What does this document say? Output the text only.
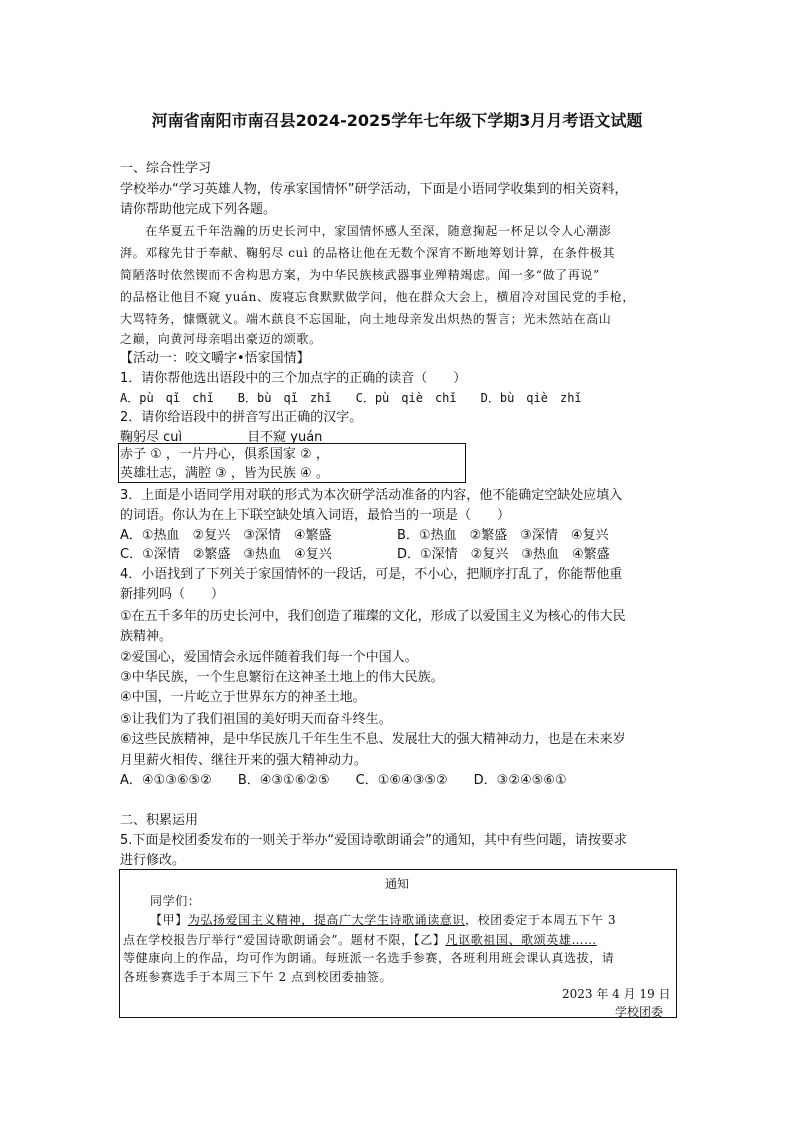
河南省南阳市南召县2024-2025学年七年级下学期3月月考语文试题
一、综合性学习
学校举办“学习英雄人物，传承家国情怀”研学活动，下面是小语同学收集到的相关资料，
请你帮助他完成下列各题。
　　在华夏五千年浩瀚的历史长河中，家国情怀感人至深，随意掬起一杯足以令人心潮澎
湃。邓稼先甘于奉献、鞠躬尽 cuì 的品格让他在无数个深宵不断地筹划计算，在条件极其
简陋落时依然锲而不舍构思方案，为中华民族核武器事业殚精竭虑。闻一多“做了再说”
的品格让他目不窥 yuán、废寝忘食默默做学问，他在群众大会上，横眉冷对国民党的手枪，
大骂特务，慷慨就义。端木蕻良不忘国耻，向土地母亲发出炽热的誓言；光未然站在高山
之巅，向黄河母亲唱出豪迈的颂歌。
【活动一：咬文嚼字•悟家国情】
1．请你帮他选出语段中的三个加点字的正确的读音（　　）
A．pù　qǐ　chǐ　　B．bù　qǐ　zhǐ　　C．pù　qiè　chǐ　　D．bù　qiè　zhǐ
2．请你给语段中的拼音写出正确的汉字。
鞠躬尽 cuì______　　目不窥 yuán______
赤子 ① ，一片丹心，俱系国家 ② ，
英雄壮志，满腔 ③ ，皆为民族 ④ 。
3．上面是小语同学用对联的形式为本次研学活动准备的内容，他不能确定空缺处应填入
的词语。你认为在上下联空缺处填入词语，最恰当的一项是（　　）
A．①热血　②复兴　③深情　④繁盛	B．①热血　②繁盛　③深情　④复兴
C．①深情　②繁盛　③热血　④复兴	D．①深情　②复兴　③热血　④繁盛
4．小语找到了下列关于家国情怀的一段话，可是，不小心，把顺序打乱了，你能帮他重
新排列吗（　　）
①在五千多年的历史长河中，我们创造了璀璨的文化，形成了以爱国主义为核心的伟大民
族精神。
②爱国心，爱国情会永远伴随着我们每一个中国人。
③中华民族，一个生息繁衍在这神圣土地上的伟大民族。
④中国，一片屹立于世界东方的神圣土地。
⑤让我们为了我们祖国的美好明天而奋斗终生。
⑥这些民族精神，是中华民族几千年生生不息、发展壮大的强大精神动力，也是在未来岁
月里薪火相传、继往开来的强大精神动力。
A．④①③⑥⑤②　　B．④③①⑥②⑤　　C．①⑥④③⑤②　　D．③②④⑤⑥①
二、积累运用
5.下面是校团委发布的一则关于举办“爱国诗歌朗诵会”的通知，其中有些问题，请按要求
进行修改。
通知
同学们：
【甲】为弘扬爱国主义精神，提高广大学生诗歌诵读意识，校团委定于本周五下午 3
点在学校报告厅举行“爱国诗歌朗诵会”。题材不限，【乙】凡讴歌祖国、歌颂英雄……
等健康向上的作品，均可作为朗诵。每班派一名选手参赛，各班利用班会课认真选拔，请
各班参赛选手于本周三下午 2 点到校团委抽签。
2023 年 4 月 19 日
学校团委
